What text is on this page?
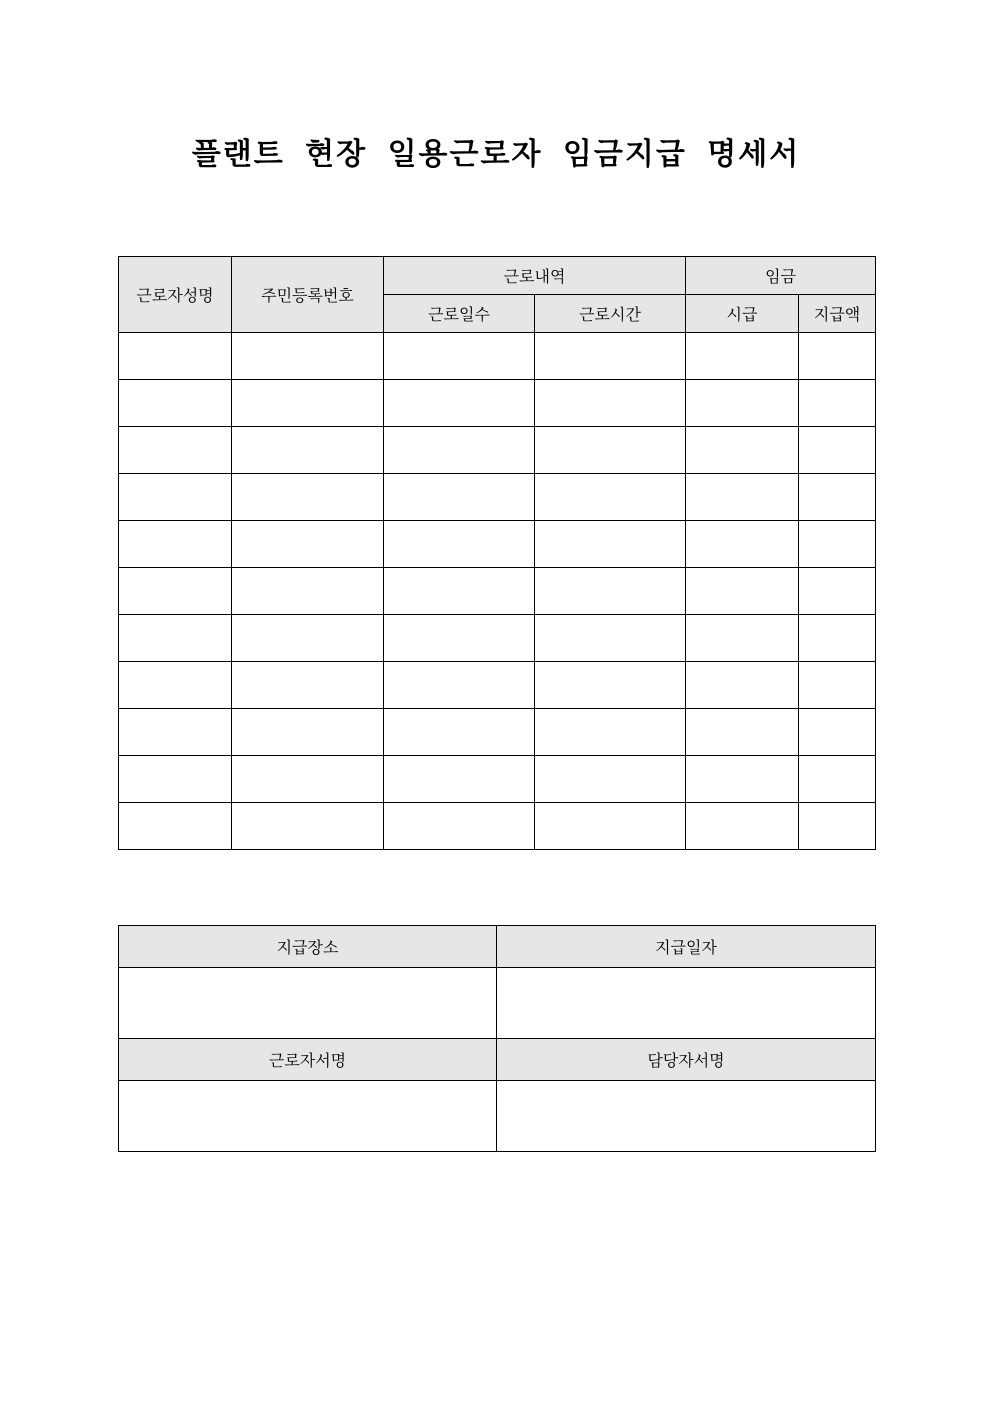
플랜트 현장 일용근로자 임금지급 명세서
근로자성명	주민등록번호	근로내역		임금	
		근로일수	근로시간	시급	지급액

지급장소	지급일자

근로자서명	담당자서명
